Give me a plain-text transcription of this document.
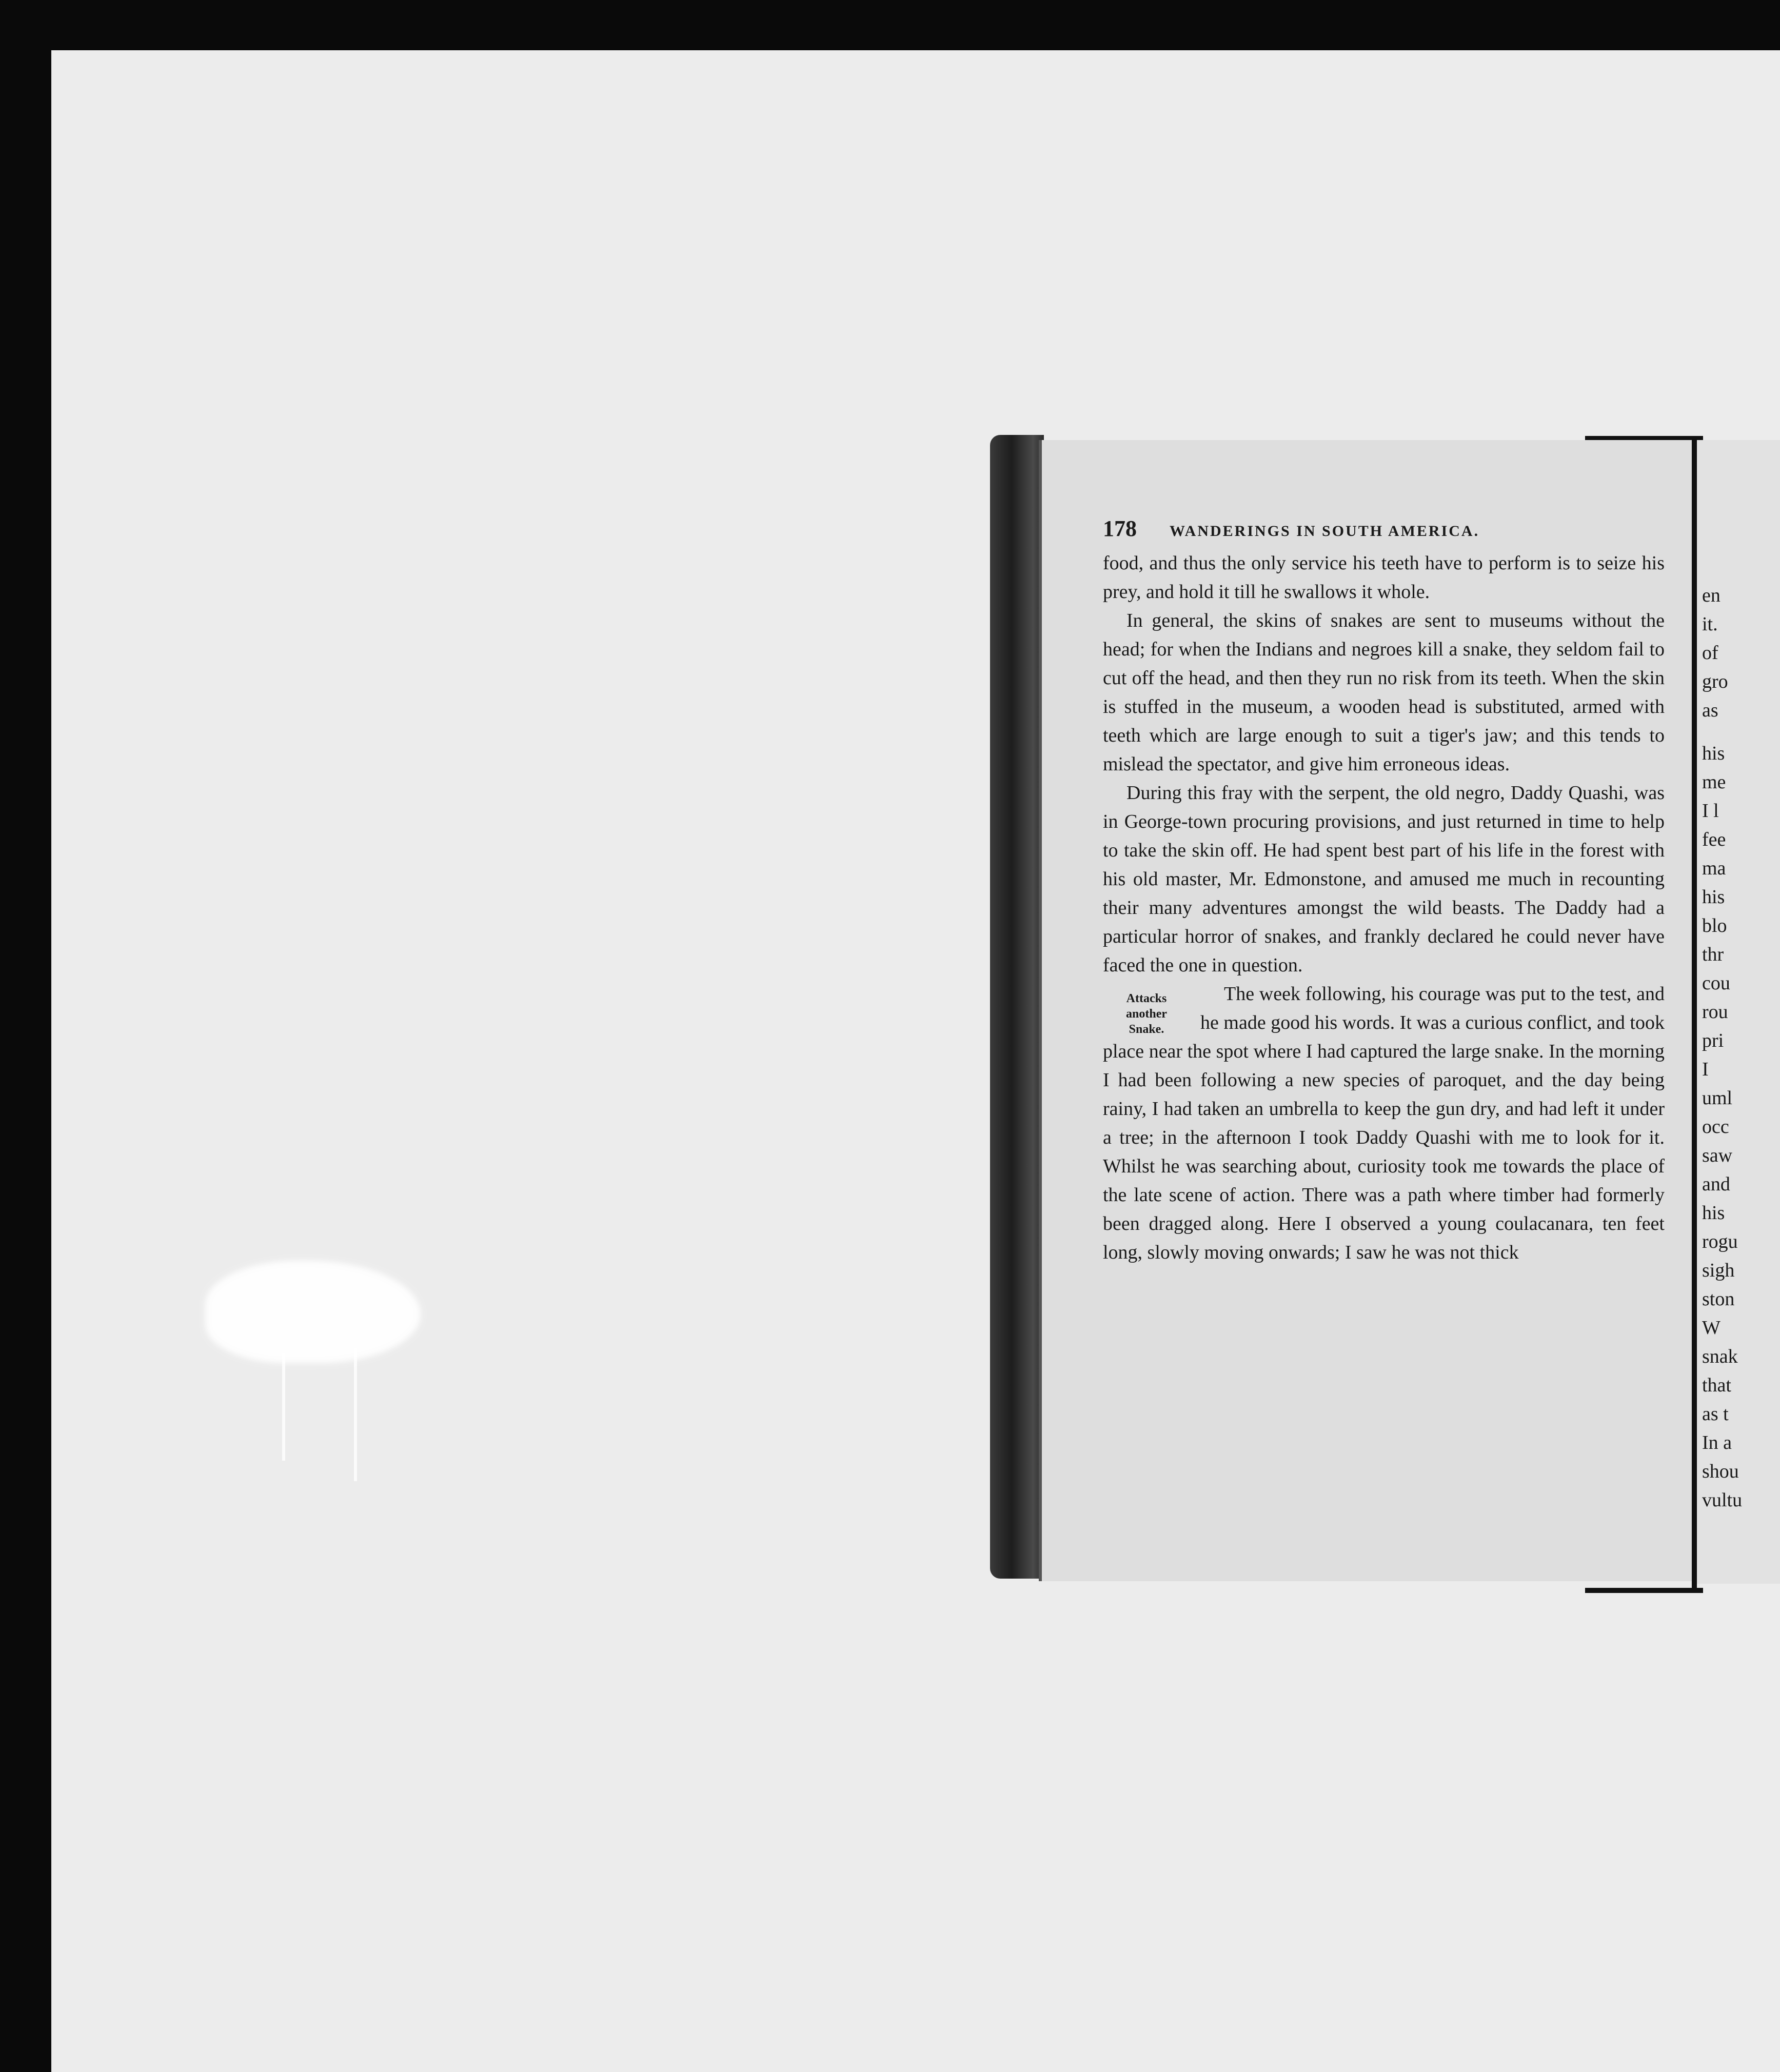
en
it.
of
gro
as
his
me
I l
fee
ma
his
blo
thr
cou
rou
pri
I
uml
occ
saw
and
his
rogu
sigh
ston
W
snak
that
as t
In a
shou
vultu
178	WANDERINGS IN SOUTH AMERICA.

food, and thus the only service his teeth have to perform is to seize his prey, and hold it till he swallows it whole.

In general, the skins of snakes are sent to museums without the head; for when the Indians and negroes kill a snake, they seldom fail to cut off the head, and then they run no risk from its teeth. When the skin is stuffed in the museum, a wooden head is substituted, armed with teeth which are large enough to suit a tiger's jaw; and this tends to mislead the spectator, and give him erroneous ideas.

During this fray with the serpent, the old negro, Daddy Quashi, was in George-town procuring provisions, and just returned in time to help to take the skin off. He had spent best part of his life in the forest with his old master, Mr. Edmonstone, and amused me much in recounting their many adventures amongst the wild beasts. The Daddy had a particular horror of snakes, and frankly declared he could never have faced the one in question.

Attacks
another
Snake.

The week following, his courage was put to the test, and he made good his words. It was a curious conflict, and took place near the spot where I had captured the large snake. In the morning I had been following a new species of paroquet, and the day being rainy, I had taken an umbrella to keep the gun dry, and had left it under a tree; in the afternoon I took Daddy Quashi with me to look for it. Whilst he was searching about, curiosity took me towards the place of the late scene of action. There was a path where timber had formerly been dragged along. Here I observed a young coulacanara, ten feet long, slowly moving onwards; I saw he was not thick
